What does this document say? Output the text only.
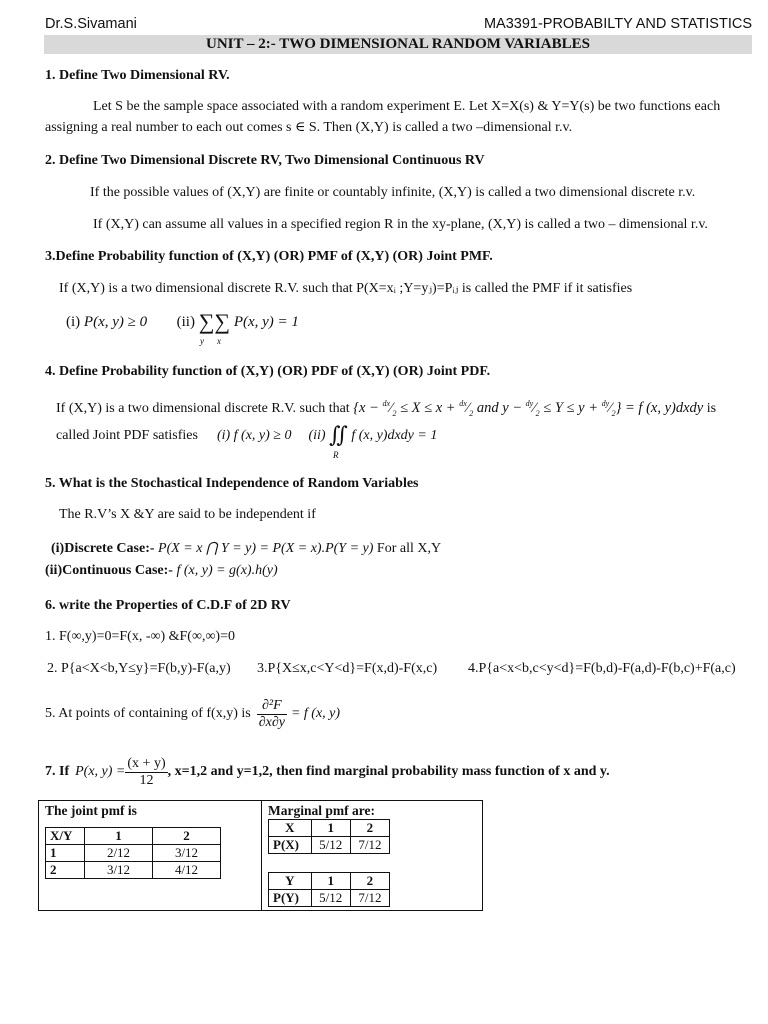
Dr.S.Sivamani	MA3391-PROBABILTY AND STATISTICS
UNIT – 2:- TWO DIMENSIONAL RANDOM VARIABLES
1. Define Two Dimensional RV.
Let S be the sample space associated with a random experiment E. Let X=X(s) & Y=Y(s) be two functions each
assigning a real number to each out comes s ∈ S. Then (X,Y) is called a two –dimensional r.v.
2. Define Two Dimensional Discrete RV, Two Dimensional Continuous RV
If the possible values of (X,Y) are finite or countably infinite, (X,Y) is called a two dimensional discrete r.v.
If (X,Y) can assume all values in a specified region R in the xy-plane, (X,Y) is called a two – dimensional r.v.
3.Define Probability function of (X,Y) (OR) PMF of (X,Y) (OR) Joint PMF.
If (X,Y) is a two dimensional discrete R.V. such that P(X=xᵢ ;Y=yⱼ)=Pᵢⱼ is called the PMF if it satisfies
(i) P(x, y) ≥ 0 (ii) ∑∑ P(x, y) = 1
y x
4. Define Probability function of (X,Y) (OR) PDF of (X,Y) (OR) Joint PDF.
If (X,Y) is a two dimensional discrete R.V. such that {$x - ^{dx}⁄_2 \le X \le x$ + $^{dx}⁄_2$ and $y - ^{dy}⁄_2 \le Y \le y$ + $^{dy}⁄_2\} = f$ (x, y)dxdy is
called Joint PDF satisfies (i) f (x, y) ≥ 0 (ii) ∬ f (x, y)dxdy = 1
R
5. What is the Stochastical Independence of Random Variables
The R.V’s X &Y are said to be independent if
(i)Discrete Case:- P(X = x ⋂ Y = y) = P(X = x).P(Y = y) For all X,Y
(ii)Continuous Case:- f (x, y) = g(x).h(y)
6. write the Properties of C.D.F of 2D RV
1. F(∞,y)=0=F(x, -∞) &F(∞,∞)=0
2. P{a<X<b,Y≤y}=F(b,y)-F(a,y) 3.P{X≤x,c<Y<d}=F(x,d)-F(x,c) 4.P{a<x<b,c<y<d}=F(b,d)-F(a,d)-F(b,c)+F(a,c)
5. At points of containing of f(x,y) is $\frac{\text{∂²F}}{\partial x\partial y} = f$ (x, y)
7. If P(x, $y) = \frac{(x + y)}{12}$ , x=1,2 and y=1,2, then find marginal probability mass function of x and y.
The joint pmf is
X/Y	1	2
1	2/12	3/12
2	3/12	4/12
Marginal pmf are:
X	1	2
P(X)	5/12	7/12
Y	1	2
P(Y)	5/12	7/12
